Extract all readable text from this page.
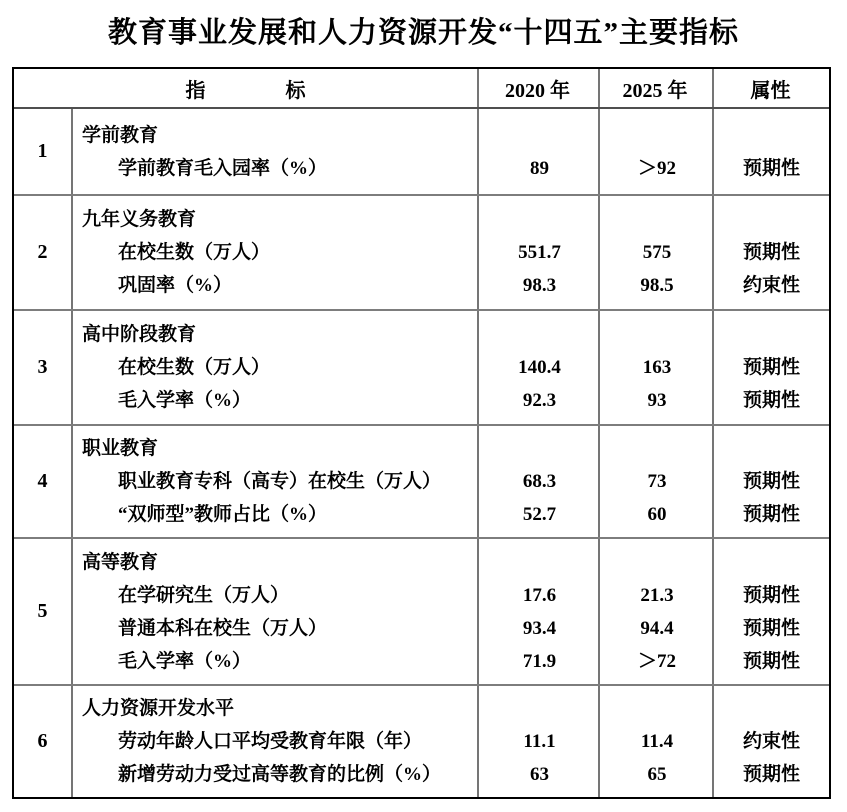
教育事业发展和人力资源开发“十四五”主要指标
指　　　　标	2020 年	2025 年	属性
1
学前教育
学前教育毛入园率（%）	89	＞92	预期性
2
九年义务教育
在校生数（万人）	551.7	575	预期性
巩固率（%）	98.3	98.5	约束性
3
高中阶段教育
在校生数（万人）	140.4	163	预期性
毛入学率（%）	92.3	93	预期性
4
职业教育
职业教育专科（高专）在校生（万人）	68.3	73	预期性
“双师型”教师占比（%）	52.7	60	预期性
5
高等教育
在学研究生（万人）	17.6	21.3	预期性
普通本科在校生（万人）	93.4	94.4	预期性
毛入学率（%）	71.9	＞72	预期性
6
人力资源开发水平
劳动年龄人口平均受教育年限（年）	11.1	11.4	约束性
新增劳动力受过高等教育的比例（%）	63	65	预期性
